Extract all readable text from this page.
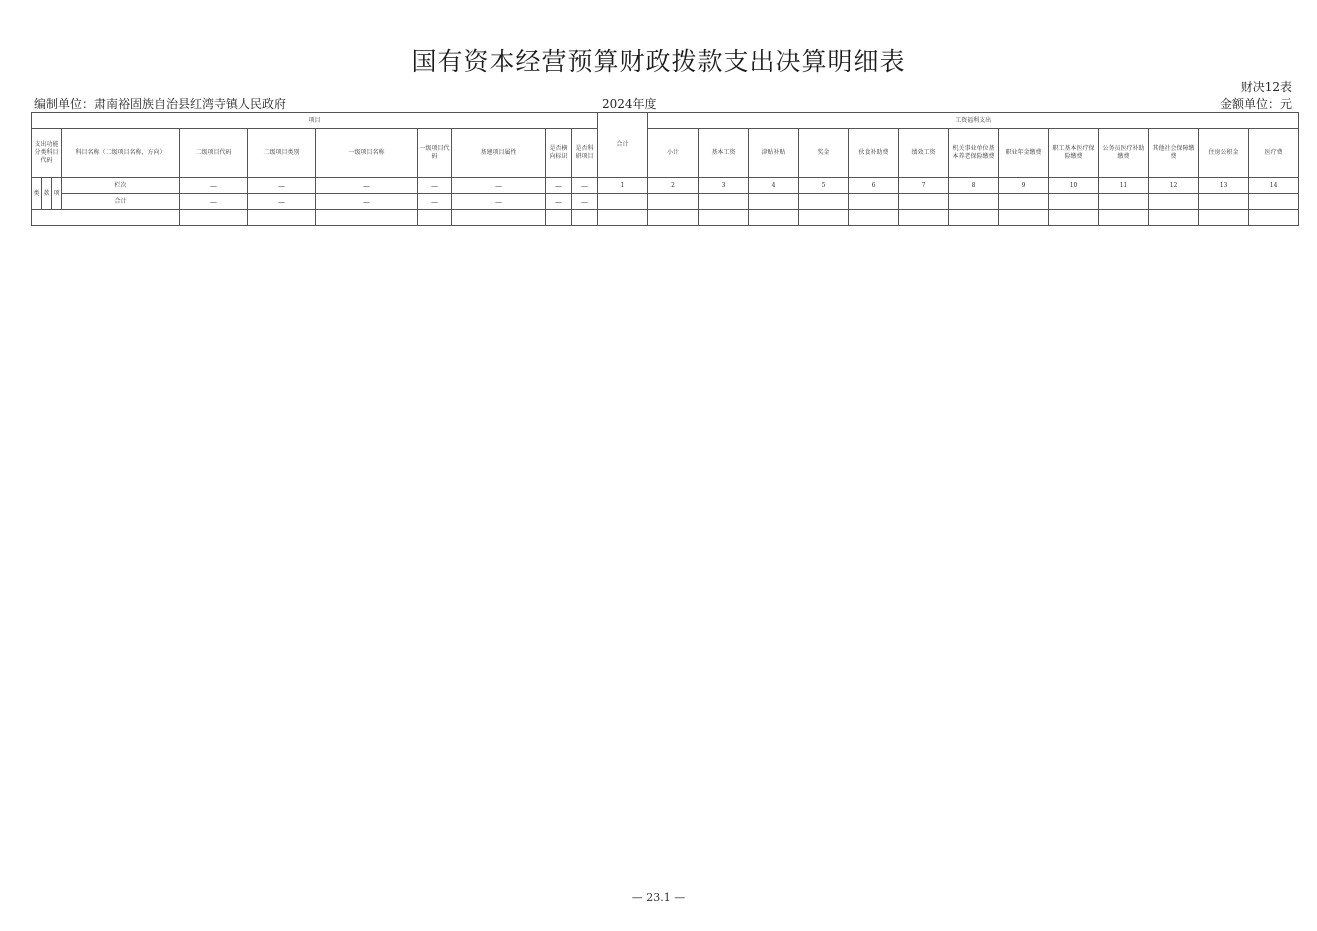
国有资本经营预算财政拨款支出决算明细表
财决12表
编制单位：肃南裕固族自治县红湾寺镇人民政府	2024年度	金额单位：元
项目											合计	工资福利支出												
支出功能分类科目代码			科目名称（二级项目名称，方向）	二级项目代码	二级项目类别	一级项目名称	一级项目代码	基建项目属性	是否横向标识	是否科研项目		小计	基本工资	津贴补贴	奖金	伙食补助费	绩效工资	机关事业单位基本养老保险缴费	职业年金缴费	职工基本医疗保险缴费	公务员医疗补助缴费	其他社会保障缴费	住房公积金	医疗费
类	款	项	栏次	—	—	—	—	—	—	—	1	2	3	4	5	6	7	8	9	10	11	12	13	14
			合计	—	—	—	—	—	—	—														

— 23.1 —
